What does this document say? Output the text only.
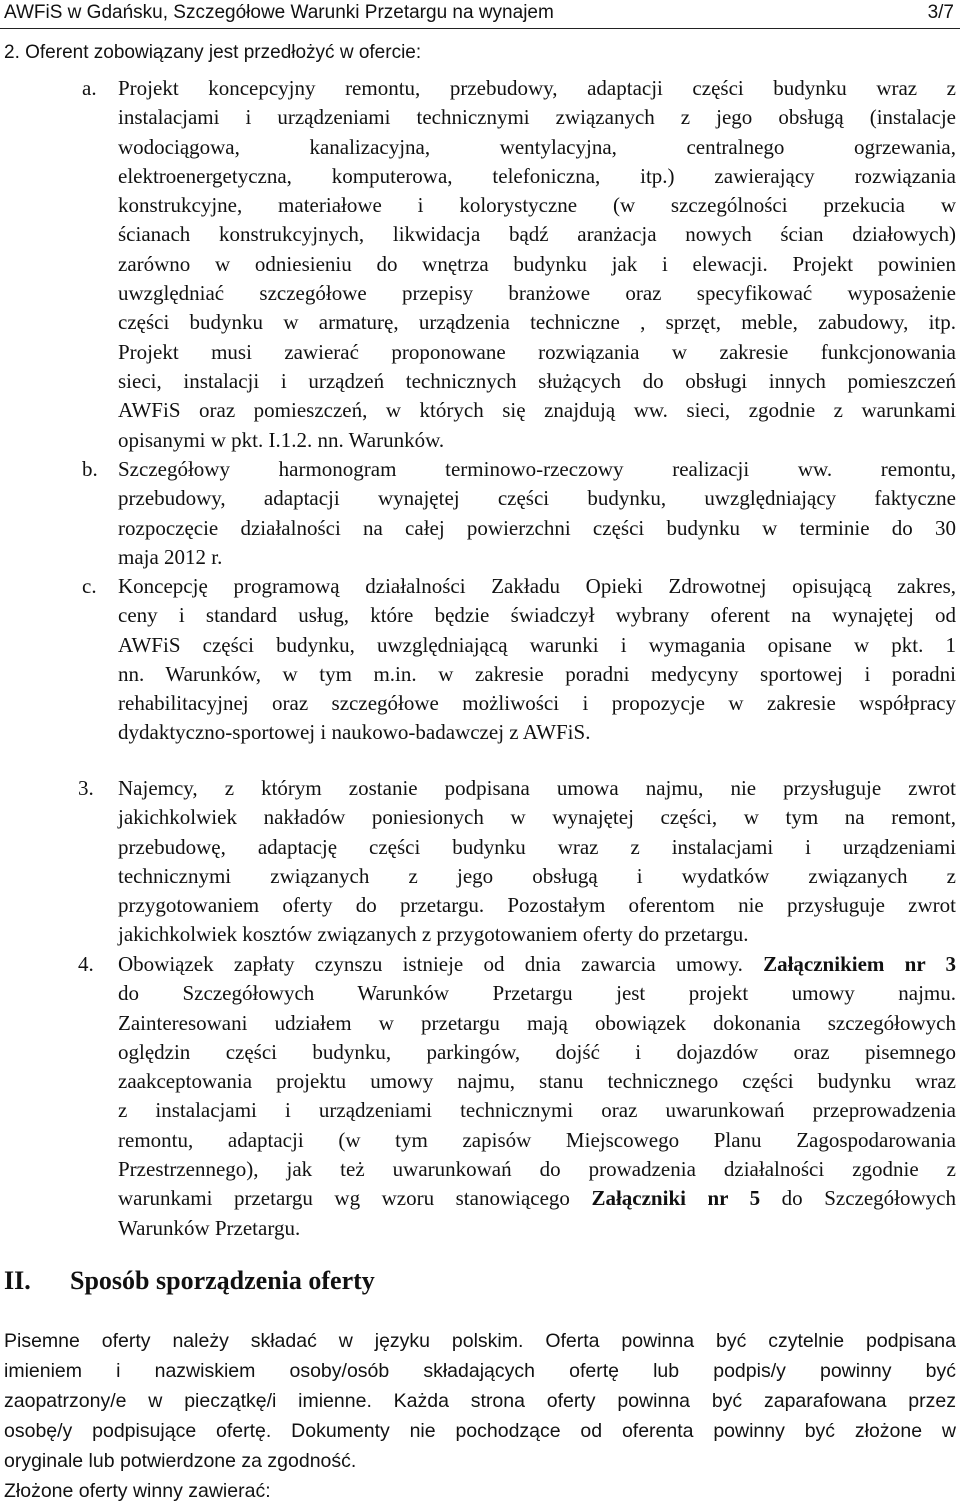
AWFiS w Gdańsku, Szczegółowe Warunki Przetargu na wynajem	3/7
2. Oferent zobowiązany jest przedłożyć w ofercie:
a. Projekt koncepcyjny remontu, przebudowy, adaptacji części budynku wraz z
instalacjami i urządzeniami technicznymi związanych z jego obsługą (instalacje
wodociągowa, kanalizacyjna, wentylacyjna, centralnego ogrzewania,
elektroenergetyczna, komputerowa, telefoniczna, itp.) zawierający rozwiązania
konstrukcyjne, materiałowe i kolorystyczne (w szczególności przekucia w
ścianach konstrukcyjnych, likwidacja bądź aranżacja nowych ścian działowych)
zarówno w odniesieniu do wnętrza budynku jak i elewacji. Projekt powinien
uwzględniać szczegółowe przepisy branżowe oraz specyfikować wyposażenie
części budynku w armaturę, urządzenia techniczne , sprzęt, meble, zabudowy, itp.
Projekt musi zawierać proponowane rozwiązania w zakresie funkcjonowania
sieci, instalacji i urządzeń technicznych służących do obsługi innych pomieszczeń
AWFiS oraz pomieszczeń, w których się znajdują ww. sieci, zgodnie z warunkami
opisanymi w pkt. I.1.2. nn. Warunków.
b. Szczegółowy harmonogram terminowo-rzeczowy realizacji ww. remontu,
przebudowy, adaptacji wynajętej części budynku, uwzględniający faktyczne
rozpoczęcie działalności na całej powierzchni części budynku w terminie do 30
maja 2012 r.
c. Koncepcję programową działalności Zakładu Opieki Zdrowotnej opisującą zakres,
ceny i standard usług, które będzie świadczył wybrany oferent na wynajętej od
AWFiS części budynku, uwzględniającą warunki i wymagania opisane w pkt. 1
nn. Warunków, w tym m.in. w zakresie poradni medycyny sportowej i poradni
rehabilitacyjnej oraz szczegółowe możliwości i propozycje w zakresie współpracy
dydaktyczno-sportowej i naukowo-badawczej z AWFiS.
3. Najemcy, z którym zostanie podpisana umowa najmu, nie przysługuje zwrot
jakichkolwiek nakładów poniesionych w wynajętej części, w tym na remont,
przebudowę, adaptację części budynku wraz z instalacjami i urządzeniami
technicznymi związanych z jego obsługą i wydatków związanych z
przygotowaniem oferty do przetargu. Pozostałym oferentom nie przysługuje zwrot
jakichkolwiek kosztów związanych z przygotowaniem oferty do przetargu.
4. Obowiązek zapłaty czynszu istnieje od dnia zawarcia umowy. Załącznikiem nr 3
do Szczegółowych Warunków Przetargu jest projekt umowy najmu.
Zainteresowani udziałem w przetargu mają obowiązek dokonania szczegółowych
oględzin części budynku, parkingów, dojść i dojazdów oraz pisemnego
zaakceptowania projektu umowy najmu, stanu technicznego części budynku wraz
z instalacjami i urządzeniami technicznymi oraz uwarunkowań przeprowadzenia
remontu, adaptacji (w tym zapisów Miejscowego Planu Zagospodarowania
Przestrzennego), jak też uwarunkowań do prowadzenia działalności zgodnie z
warunkami przetargu wg wzoru stanowiącego Załączniki nr 5 do Szczegółowych
Warunków Przetargu.
II. Sposób sporządzenia oferty
Pisemne oferty należy składać w języku polskim. Oferta powinna być czytelnie podpisana
imieniem i nazwiskiem osoby/osób składających ofertę lub podpis/y powinny być
zaopatrzony/e w pieczątkę/i imienne. Każda strona oferty powinna być zaparafowana przez
osobę/y podpisujące ofertę. Dokumenty nie pochodzące od oferenta powinny być złożone w
oryginale lub potwierdzone za zgodność.
Złożone oferty winny zawierać:
